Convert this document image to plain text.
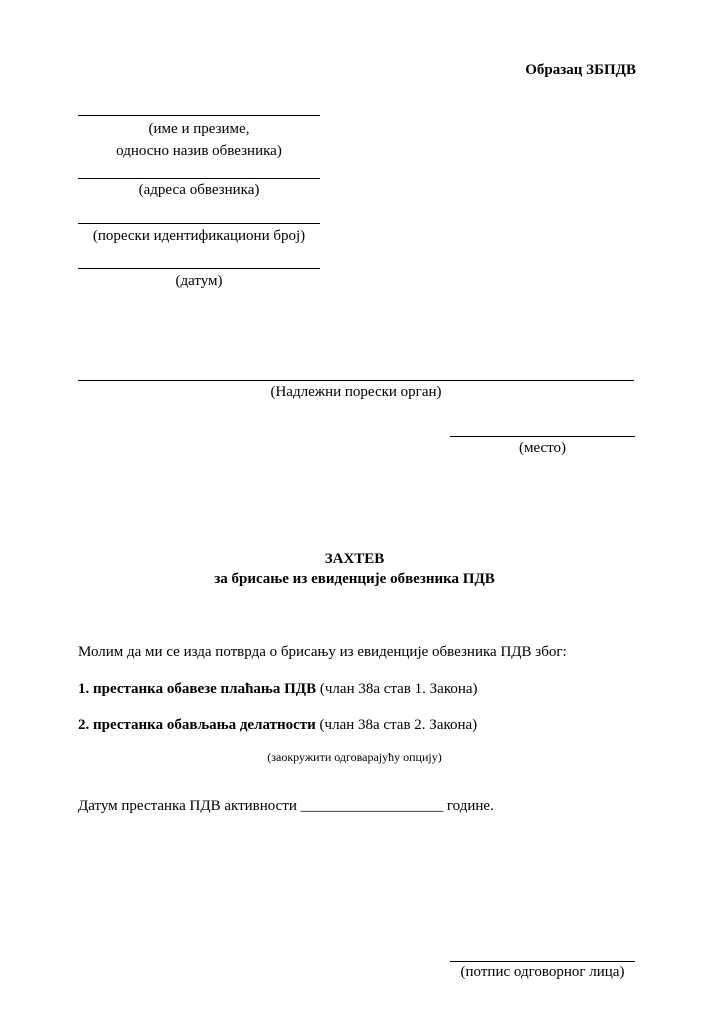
Образац ЗБПДВ
(име и презиме,
односно назив обвезника)
(адреса обвезника)
(порески идентификациони број)
(датум)
(Надлежни порески орган)
(место)
ЗАХТЕВ
за брисање из евиденције обвезника ПДВ
Молим да ми се изда потврда о брисању из евиденције обвезника ПДВ због:
1. престанка обавезе плаћања ПДВ (члан 38а став 1. Закона)
2. престанка обављања делатности (члан 38а став 2. Закона)
(заокружити одговарајућу опцију)
Датум престанка ПДВ активности ___________________ године.
(потпис одговорног лица)
